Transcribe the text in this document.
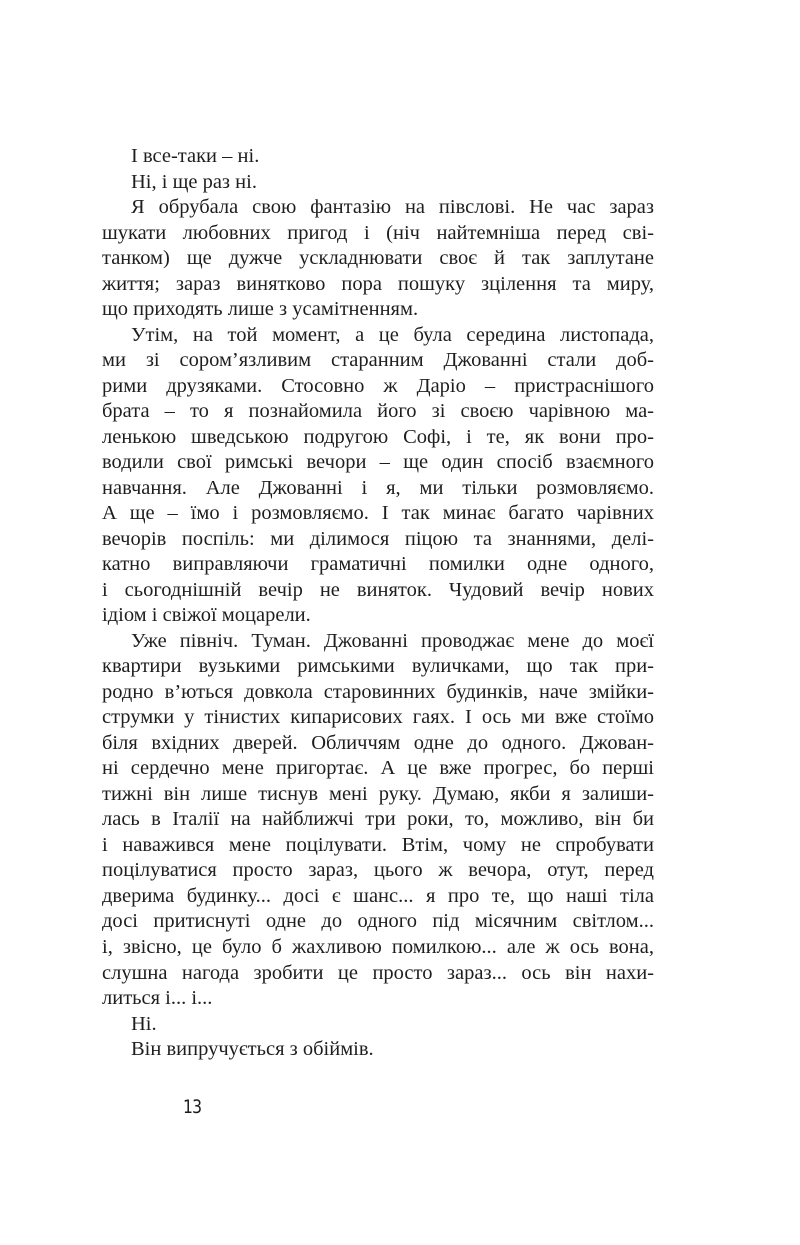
І все-таки – ні.
Ні, і ще раз ні.
Я обрубала свою фантазію на півслові. Не час зараз
шукати любовних пригод і (ніч найтемніша перед сві-
танком) ще дужче ускладнювати своє й так заплутане
життя; зараз винятково пора пошуку зцілення та миру,
що приходять лише з усамітненням.
Утім, на той момент, а це була середина листопада,
ми зі сором’язливим старанним Джованні стали доб-
рими друзяками. Стосовно ж Даріо – пристраснішого
брата – то я познайомила його зі своєю чарівною ма-
ленькою шведською подругою Софі, і те, як вони про-
водили свої римські вечори – ще один спосіб взаємного
навчання. Але Джованні і я, ми тільки розмовляємо.
А ще – їмо і розмовляємо. І так минає багато чарівних
вечорів поспіль: ми ділимося піцою та знаннями, делі-
катно виправляючи граматичні помилки одне одного,
і сьогоднішній вечір не виняток. Чудовий вечір нових
ідіом і свіжої моцарели.
Уже північ. Туман. Джованні проводжає мене до моєї
квартири вузькими римськими вуличками, що так при-
родно в’ються довкола старовинних будинків, наче змійки-
струмки у тінистих кипарисових гаях. І ось ми вже стоїмо
біля вхідних дверей. Обличчям одне до одного. Джован-
ні сердечно мене пригортає. А це вже прогрес, бо перші
тижні він лише тиснув мені руку. Думаю, якби я залиши-
лась в Італії на найближчі три роки, то, можливо, він би
і наважився мене поцілувати. Втім, чому не спробувати
поцілуватися просто зараз, цього ж вечора, отут, перед
дверима будинку... досі є шанс... я про те, що наші тіла
досі притиснуті одне до одного під місячним світлом...
і, звісно, це було б жахливою помилкою... але ж ось вона,
слушна нагода зробити це просто зараз... ось він нахи-
литься і... і...
Ні.
Він випручується з обіймів.
13
